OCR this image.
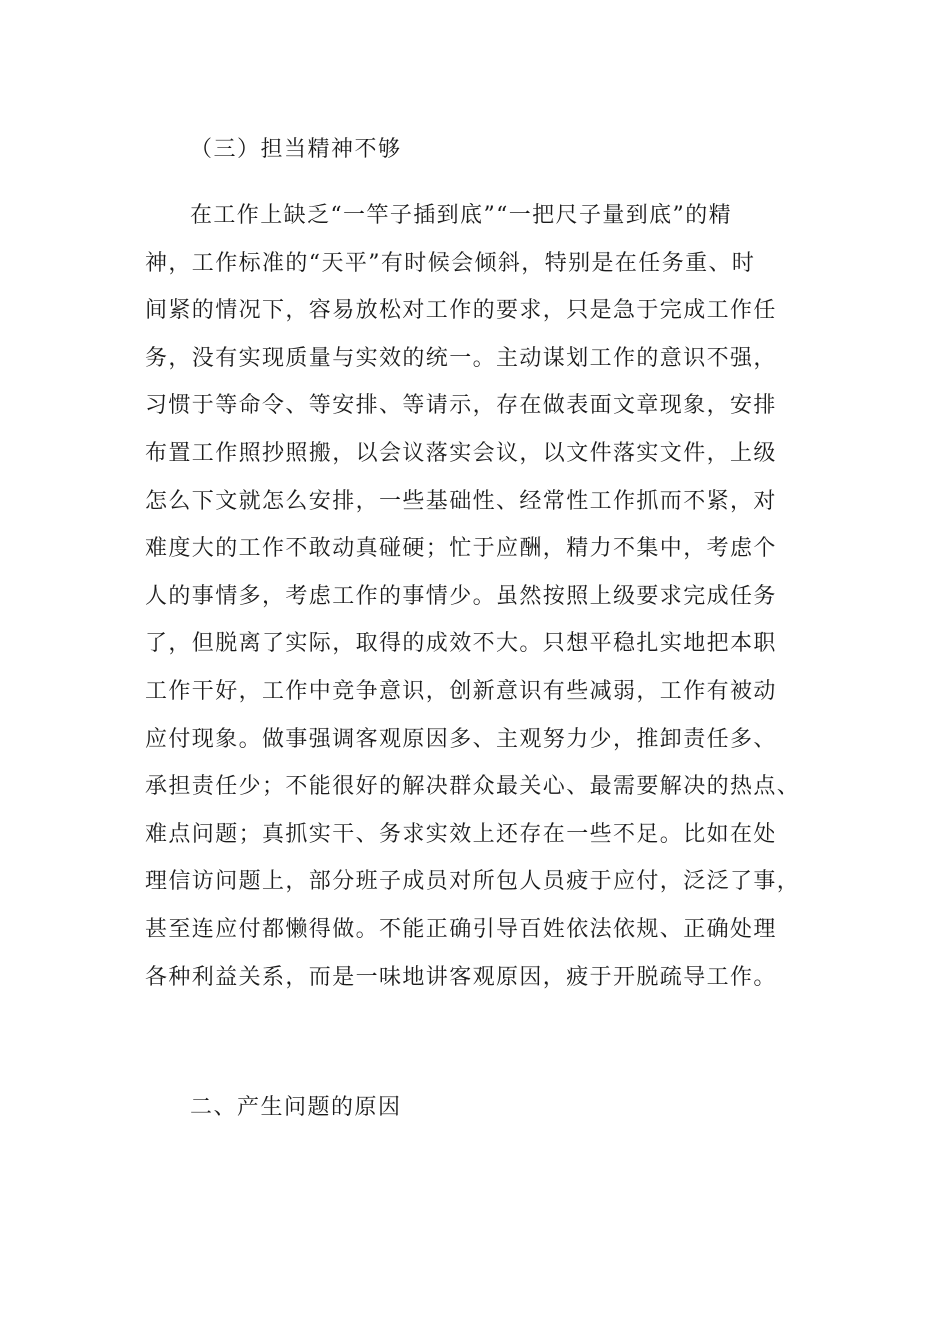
（三）担当精神不够
在工作上缺乏“一竿子插到底”“一把尺子量到底”的精
神，工作标准的“天平”有时候会倾斜，特别是在任务重、时
间紧的情况下，容易放松对工作的要求，只是急于完成工作任
务，没有实现质量与实效的统一。主动谋划工作的意识不强，
习惯于等命令、等安排、等请示，存在做表面文章现象，安排
布置工作照抄照搬，以会议落实会议，以文件落实文件，上级
怎么下文就怎么安排，一些基础性、经常性工作抓而不紧，对
难度大的工作不敢动真碰硬；忙于应酬，精力不集中，考虑个
人的事情多，考虑工作的事情少。虽然按照上级要求完成任务
了，但脱离了实际，取得的成效不大。只想平稳扎实地把本职
工作干好，工作中竞争意识，创新意识有些减弱，工作有被动
应付现象。做事强调客观原因多、主观努力少，推卸责任多、
承担责任少；不能很好的解决群众最关心、最需要解决的热点、
难点问题；真抓实干、务求实效上还存在一些不足。比如在处
理信访问题上，部分班子成员对所包人员疲于应付，泛泛了事，
甚至连应付都懒得做。不能正确引导百姓依法依规、正确处理
各种利益关系，而是一味地讲客观原因，疲于开脱疏导工作。
二、产生问题的原因
